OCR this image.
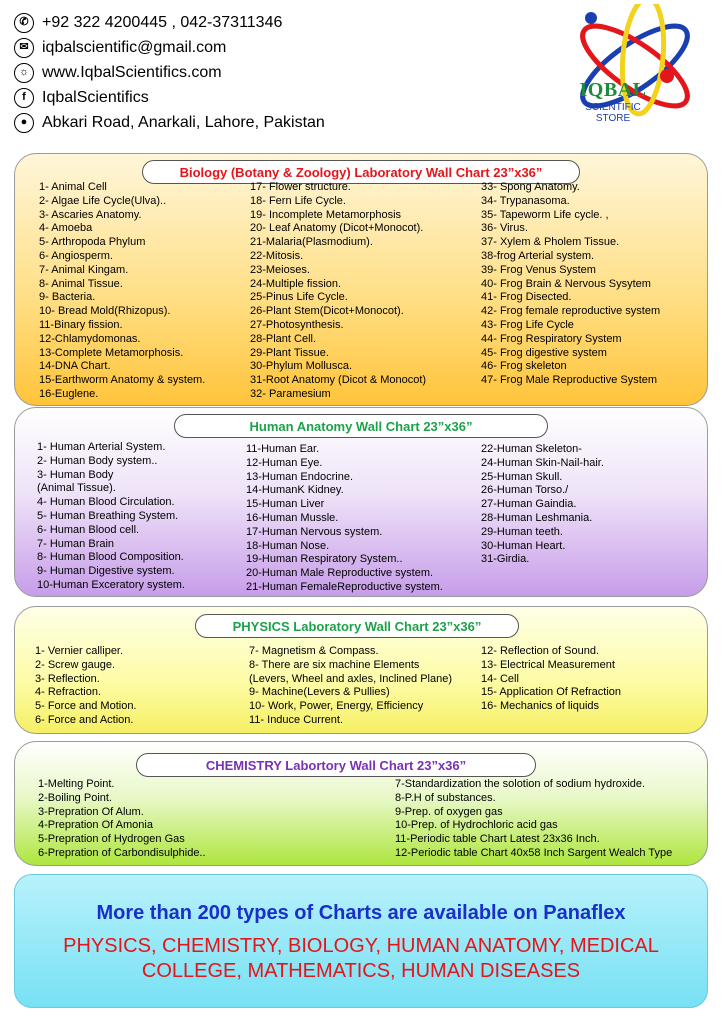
✆ +92 322 4200445 , 042-37311346
✉ iqbalscientific@gmail.com
☼ www.IqbalScientifics.com
f	IqbalScientifics
● Abkari Road, Anarkali, Lahore, Pakistan
IQBAL
SCIENTIFIC
STORE
Biology (Botany & Zoology) Laboratory Wall Chart 23”x36”
1- Animal Cell
2- Algae Life Cycle(Ulva)..
3- Ascaries Anatomy.
4- Amoeba
5- Arthropoda Phylum
6- Angiosperm.
7- Animal Kingam.
8- Animal Tissue.
9- Bacteria.
10- Bread Mold(Rhizopus).
11-Binary fission.
12-Chlamydomonas.
13-Complete Metamorphosis.
14-DNA Chart.
15-Earthworm Anatomy & system.
16-Euglene.
17- Flower structure.
18- Fern Life Cycle.
19- Incomplete Metamorphosis
20- Leaf Anatomy (Dicot+Monocot).
21-Malaria(Plasmodium).
22-Mitosis.
23-Meioses.
24-Multiple fission.
25-Pinus Life Cycle.
26-Plant Stem(Dicot+Monocot).
27-Photosynthesis.
28-Plant Cell.
29-Plant Tissue.
30-Phylum Mollusca.
31-Root Anatomy (Dicot & Monocot)
32- Paramesium
33- Spong Anatomy.
34- Trypanasoma.
35- Tapeworm Life cycle. ,
36- Virus.
37- Xylem & Pholem Tissue.
38-frog Arterial system.
39- Frog Venus System
40- Frog Brain & Nervous Sysytem
41- Frog Disected.
42- Frog female reproductive system
43- Frog Life Cycle
44- Frog Respiratory System
45- Frog digestive system
46- Frog skeleton
47- Frog Male Reproductive System
Human Anatomy Wall Chart 23”x36”
1- Human Arterial System.
2- Human Body system..
3- Human Body
(Animal Tissue).
4- Human Blood Circulation.
5- Human Breathing System.
6- Human Blood cell.
7- Human Brain
8- Human Blood Composition.
9- Human Digestive system.
10-Human Exceratory system.
11-Human Ear.
12-Human Eye.
13-Human Endocrine.
14-HumanK Kidney.
15-Human Liver
16-Human Mussle.
17-Human Nervous system.
18-Human Nose.
19-Human Respiratory System..
20-Human Male Reproductive system.
21-Human FemaleReproductive system.
22-Human Skeleton-
24-Human Skin-Nail-hair.
25-Human Skull.
26-Human Torso./
27-Human Gaindia.
28-Human Leshmania.
29-Human teeth.
30-Human Heart.
31-Girdia.
PHYSICS Laboratory Wall Chart 23”x36”
1- Vernier calliper.
2- Screw gauge.
3- Reflection.
4- Refraction.
5- Force and Motion.
6- Force and Action.
7- Magnetism & Compass.
8- There are six machine Elements
(Levers, Wheel and axles, Inclined Plane)
9- Machine(Levers & Pullies)
10- Work, Power, Energy, Efficiency
11- Induce Current.
12- Reflection of Sound.
13- Electrical Measurement
14- Cell
15- Application Of Refraction
16- Mechanics of liquids
CHEMISTRY Labortory Wall Chart 23”x36”
1-Melting Point.
2-Boiling Point.
3-Prepration Of Alum.
4-Prepration Of Amonia
5-Prepration of Hydrogen Gas
6-Prepration of Carbondisulphide..
7-Standardization the solotion of sodium hydroxide.
8-P.H of substances.
9-Prep. of oxygen gas
10-Prep. of Hydrochloric acid gas
11-Periodic table Chart Latest 23x36 Inch.
12-Periodic table Chart 40x58 Inch Sargent Wealch Type
More than 200 types of Charts are available on Panaflex
PHYSICS, CHEMISTRY, BIOLOGY, HUMAN ANATOMY, MEDICAL
COLLEGE, MATHEMATICS, HUMAN DISEASES
